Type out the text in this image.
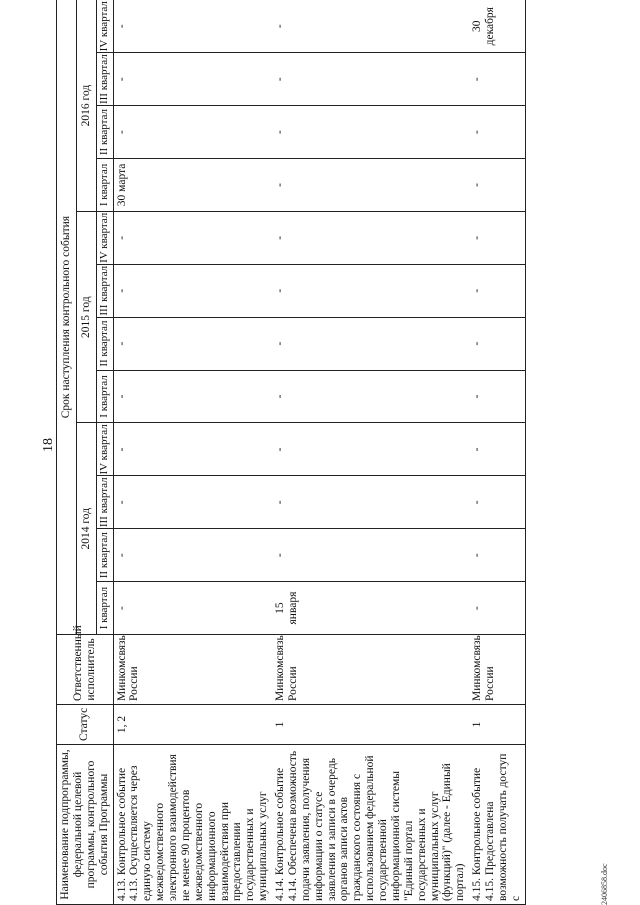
18
2406858.doc
Наименование подпрограммы, федеральной целевой программы, контрольного события Программы	Статус	Ответственный исполнитель	Срок наступления контрольного события											
			2014 год				2015 год				2016 год			
			I квартал	II квартал	III квартал	IV квартал	I квартал	II квартал	III квартал	IV квартал	I квартал	II квартал	III квартал	IV квартал
4.13. Контрольное событие 4.13. Осуществляется через единую систему межведомственного электронного взаимодействия не менее 90 процентов межведомственного информационного взаимодействия при предоставлении государственных и муниципальных услуг	1, 2	Минкомсвязь России	-	-	-	-	-	-	-	-	30 марта	-	-	-
4.14. Контрольное событие 4.14. Обеспечена возможность подачи заявления, получения информации о статусе заявления и записи в очередь органов записи актов гражданского состояния с использованием федеральной государственной информационной системы "Единый портал государственных и муниципальных услуг (функций)" (далее - Единый портал)	1	Минкомсвязь России	15 января	-	-	-	-	-	-	-	-	-	-	-
4.15. Контрольное событие 4.15. Предоставлена возможность получать доступ с	1	Минкомсвязь России	-	-	-	-	-	-	-	-	-	-	-	30 декабря
